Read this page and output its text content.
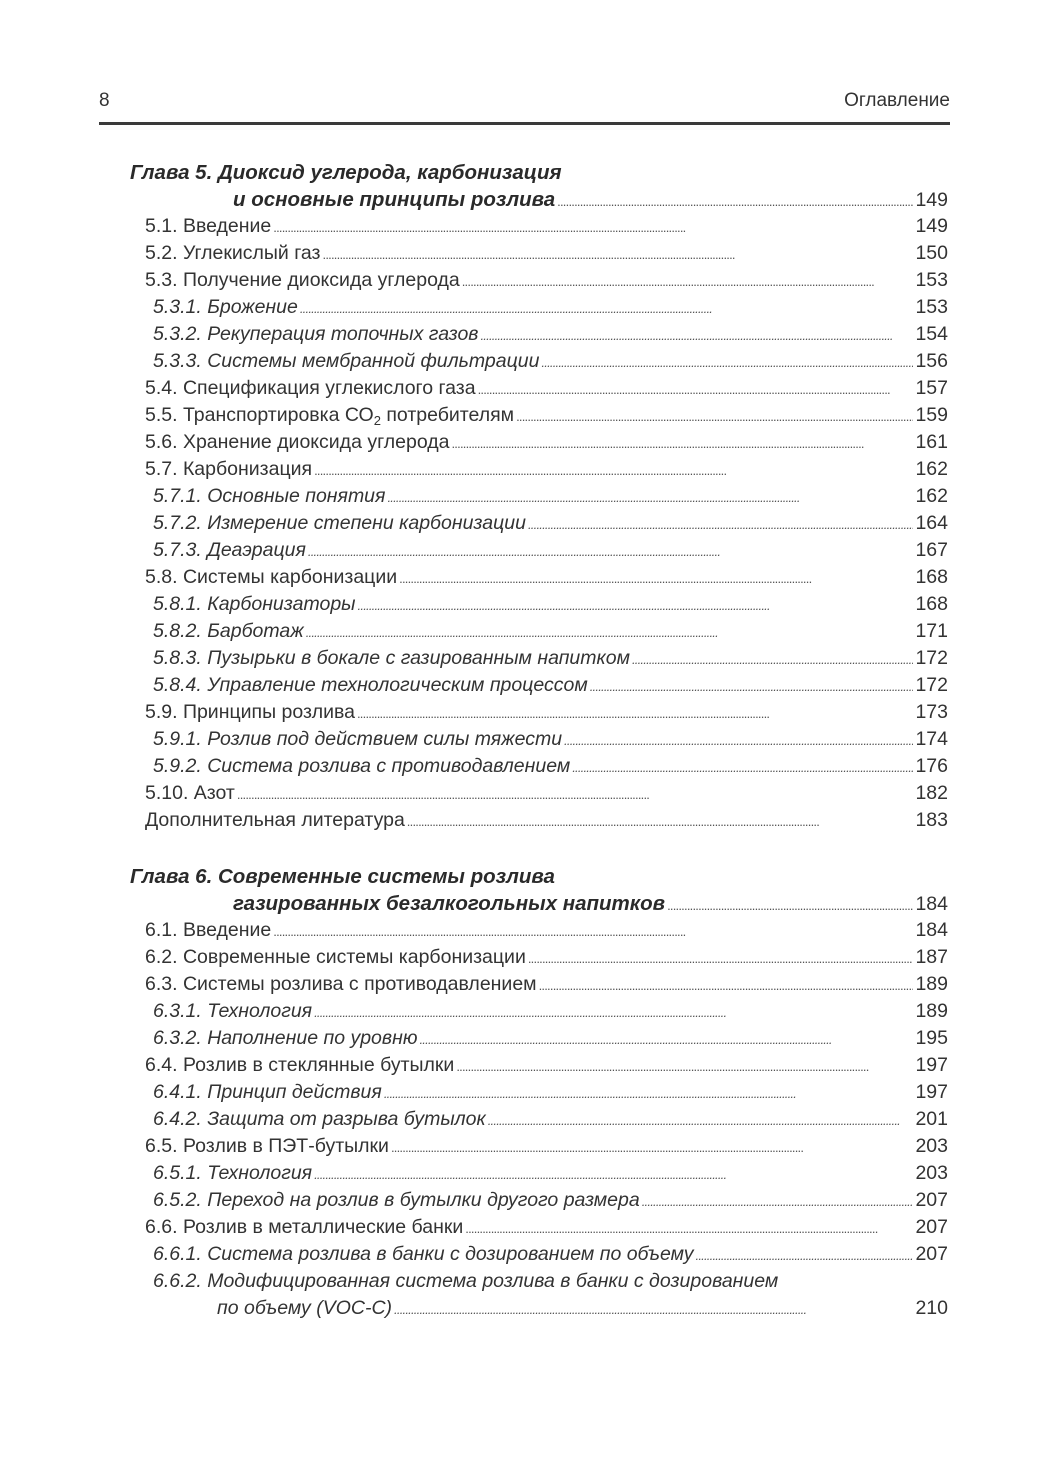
8	Оглавление
Глава 5. Диоксид углерода, карбонизация
и основные принципы розлива . . .	149
5.1. Введение . . .	149
5.2. Углекислый газ . . .	150
5.3. Получение диоксида углерода . . .	153
5.3.1. Брожение . . .	153
5.3.2. Рекуперация топочных газов . . .	154
5.3.3. Системы мембранной фильтрации . . .	156
5.4. Спецификация углекислого газа . . .	157
5.5. Транспортировка $СО_2$ потребителям . . .	159
5.6. Хранение диоксида углерода . . .	161
5.7. Карбонизация . . .	162
5.7.1. Основные понятия . . .	162
5.7.2. Измерение степени карбонизации . . .	164
5.7.3. Деаэрация . . .	167
5.8. Системы карбонизации . . .	168
5.8.1. Карбонизаторы . . .	168
5.8.2. Барботаж . . .	171
5.8.3. Пузырьки в бокале с газированным напитком . . .	172
5.8.4. Управление технологическим процессом . . .	172
5.9. Принципы розлива . . .	173
5.9.1. Розлив под действием силы тяжести . . .	174
5.9.2. Система розлива с противодавлением . . .	176
5.10. Азот . . .	182
Дополнительная литература . . .	183
Глава 6. Современные системы розлива
газированных безалкогольных напитков . . .	184
6.1. Введение . . .	184
6.2. Современные системы карбонизации . . .	187
6.3. Системы розлива с противодавлением . . .	189
6.3.1. Технология . . .	189
6.3.2. Наполнение по уровню . . .	195
6.4. Розлив в стеклянные бутылки . . .	197
6.4.1. Принцип действия . . .	197
6.4.2. Защита от разрыва бутылок . . .	201
6.5. Розлив в ПЭТ-бутылки . . .	203
6.5.1. Технология . . .	203
6.5.2. Переход на розлив в бутылки другого размера . . .	207
6.6. Розлив в металлические банки . . .	207
6.6.1. Система розлива в банки с дозированием по объему . . .	207
6.6.2. Модифицированная система розлива в банки с дозированием
по объему (VOC-C) . . .	210
